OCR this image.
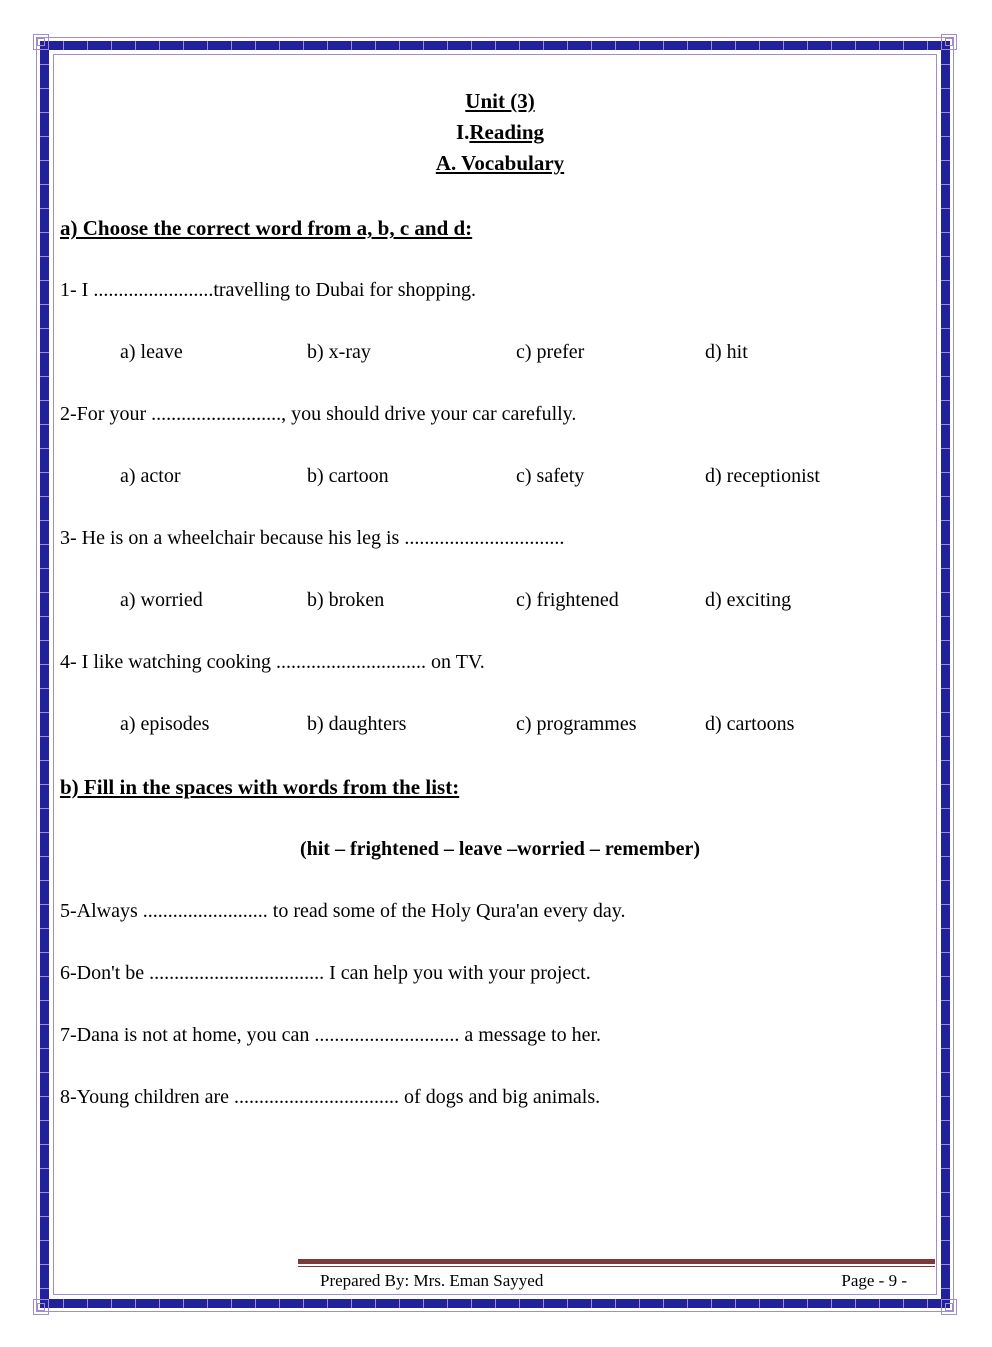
Unit (3)
I.Reading
A. Vocabulary
a) Choose the correct word from a, b, c and d:
1- I ........................travelling to Dubai for shopping.
a) leave	b) x-ray	c) prefer	d) hit
2-For your .........................., you should drive your car carefully.
a) actor	b) cartoon	c) safety	d) receptionist
3- He is on a wheelchair because his leg is ................................
a) worried	b) broken	c) frightened	d) exciting
4- I like watching cooking .............................. on TV.
a) episodes	b) daughters	c) programmes	d) cartoons
b) Fill in the spaces with words from the list:
(hit – frightened – leave –worried – remember)
5-Always ......................... to read some of the Holy Qura'an every day.
6-Don't be ................................... I can help you with your project.
7-Dana is not at home, you can ............................. a message to her.
8-Young children are ................................. of dogs and big animals.
Prepared By: Mrs. Eman Sayyed	Page - 9 -
